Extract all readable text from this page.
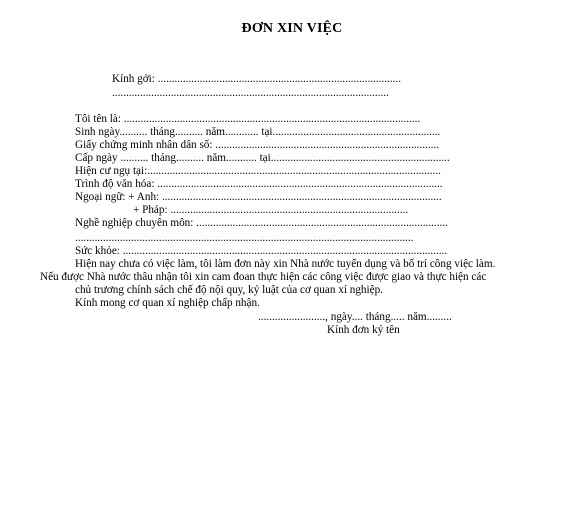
ĐƠN XIN VIỆC
Kính gởi: .......................................................................................
...................................................................................................
Tôi tên là: ..........................................................................................................
Sinh ngày.......... tháng.......... năm............ tại............................................................
Giấy chứng minh nhân dân số: ................................................................................
Cấp ngày .......... tháng.......... năm........... tại................................................................
Hiện cư ngụ tại:.........................................................................................................
Trình độ văn hóa: ......................................................................................................
Ngoại ngữ: + Anh: ....................................................................................................
+ Pháp: .....................................................................................
Nghề nghiệp chuyên môn: ..........................................................................................
.........................................................................................................................
Sức khỏe: ....................................................................................................................
Hiện nay chưa có việc làm, tôi làm đơn này xin Nhà nước tuyển dụng và bố trí công việc làm.
Nếu được Nhà nước thâu nhận tôi xin cam đoan thực hiện các công việc được giao và thực hiện các
chủ trương chính sách chế độ nội quy, kỷ luật của cơ quan xí nghiệp.
Kính mong cơ quan xí nghiệp chấp nhận.
........................, ngày.... tháng..... năm.........
Kính đơn ký tên
